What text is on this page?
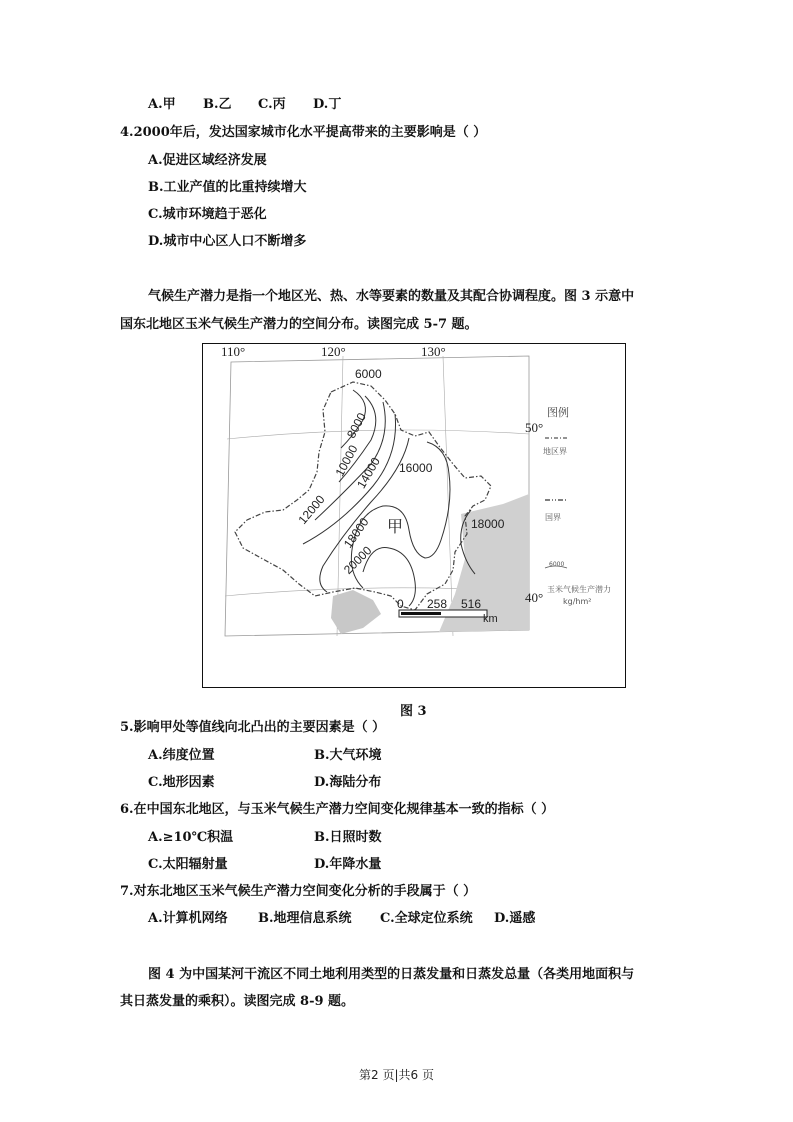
A.甲 B.乙 C.丙 D.丁
4.2000年后，发达国家城市化水平提高带来的主要影响是（ ）
A.促进区域经济发展
B.工业产值的比重持续增大
C.城市环境趋于恶化
D.城市中心区人口不断增多
气候生产潜力是指一个地区光、热、水等要素的数量及其配合协调程度。图 3 示意中
国东北地区玉米气候生产潜力的空间分布。读图完成 5-7 题。
110°	120°	130°
50°
40°
6000
8000
10000
14000 16000
12000
18000	18000
20000
甲
图例
地区界
国界
6000
玉米气候生产潜力
kg/hm²
0 258 516
km
图 3
5.影响甲处等值线向北凸出的主要因素是（ ）
A.纬度位置	B.大气环境
C.地形因素	D.海陆分布
6.在中国东北地区，与玉米气候生产潜力空间变化规律基本一致的指标（ ）
A.≥10℃积温	B.日照时数
C.太阳辐射量	D.年降水量
7.对东北地区玉米气候生产潜力空间变化分析的手段属于（ ）
A.计算机网络 B.地理信息系统 C.全球定位系统 D.遥感
图 4 为中国某河干流区不同土地利用类型的日蒸发量和日蒸发总量（各类用地面积与
其日蒸发量的乘积）。读图完成 8-9 题。
第2 页|共6 页
